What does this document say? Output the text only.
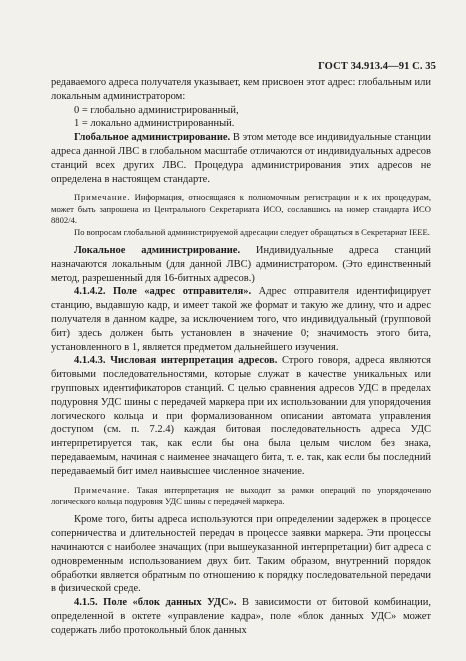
ГОСТ 34.913.4—91 С. 35

редаваемого адреса получателя указывает, кем присвоен этот адрес: глобальным или локальным администратором:

0 = глобально администрированный,

1 = локально администрированный.

Глобальное администрирование. В этом методе все индивидуальные станции адреса данной ЛВС в глобальном масштабе отличаются от индивидуальных адресов станций всех других ЛВС. Процедура администрирования этих адресов не определена в настоящем стандарте.

Примечание. Информация, относящаяся к полномочным регистрации и к их процедурам, может быть запрошена из Центрального Секретариата ИСО, сославшись на номер стандарта ИСО 8802/4.

По вопросам глобальной администрируемой адресации следует обращаться в Секретариат IEEE.

Локальное администрирование. Индивидуальные адреса станций назначаются локальным (для данной ЛВС) администратором. (Это единственный метод, разрешенный для 16-битных адресов.)

4.1.4.2. Поле «адрес отправителя». Адрес отправителя идентифицирует станцию, выдавшую кадр, и имеет такой же формат и такую же длину, что и адрес получателя в данном кадре, за исключением того, что индивидуальный (групповой бит) здесь должен быть установлен в значение 0; значимость этого бита, установленного в 1, является предметом дальнейшего изучения.

4.1.4.3. Числовая интерпретация адресов. Строго говоря, адреса являются битовыми последовательностями, которые служат в качестве уникальных или групповых идентификаторов станций. С целью сравнения адресов УДС в пределах подуровня УДС шины с передачей маркера при их использовании для упорядочения логического кольца и при формализованном описании автомата управления доступом (см. п. 7.2.4) каждая битовая последовательность адреса УДС интерпретируется так, как если бы она была целым числом без знака, передаваемым, начиная с наименее значащего бита, т. е. так, как если бы последний передаваемый бит имел наивысшее численное значение.

Примечание. Такая интерпретация не выходит за рамки операций по упорядочению логического кольца подуровня УДС шины с передачей маркера.

Кроме того, биты адреса используются при определении задержек в процессе соперничества и длительностей передач в процессе заявки маркера. Эти процессы начинаются с наиболее значащих (при вышеуказанной интерпретации) бит адреса с одновременным использованием двух бит. Таким образом, внутренний порядок обработки является обратным по отношению к порядку последовательной передачи в физической среде.

4.1.5. Поле «блок данных УДС». В зависимости от битовой комбинации, определенной в октете «управление кадра», поле «блок данных УДС» может содержать либо протокольный блок данных
